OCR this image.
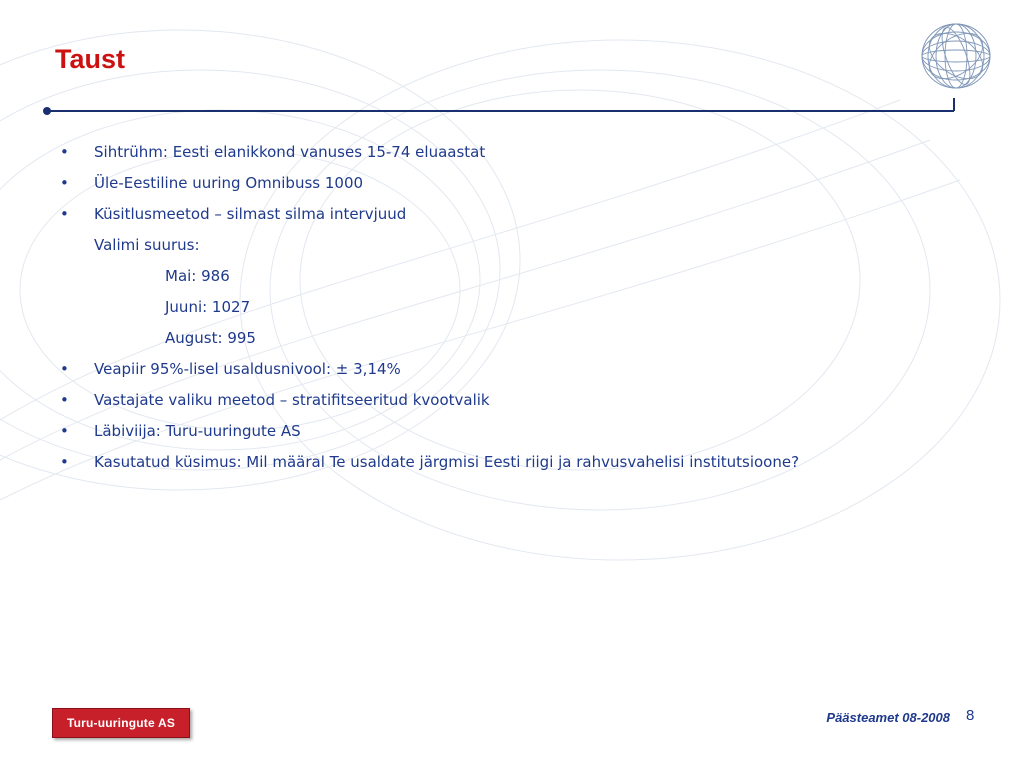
Taust
•	Sihtrühm: Eesti elanikkond vanuses 15-74 eluaastat
•	Üle-Eestiline uuring Omnibuss 1000
•	Küsitlusmeetod – silmast silma intervjuud
Valimi suurus:
Mai: 986
Juuni: 1027
August: 995
•	Veapiir 95%-lisel usaldusnivool: ± 3,14%
•	Vastajate valiku meetod – stratifitseeritud kvootvalik
•	Läbiviija: Turu-uuringute AS
•	Kasutatud küsimus: Mil määral Te usaldate järgmisi Eesti riigi ja rahvusvahelisi institutsioone?
Turu-uuringute AS	Päästeamet 08-2008 8
